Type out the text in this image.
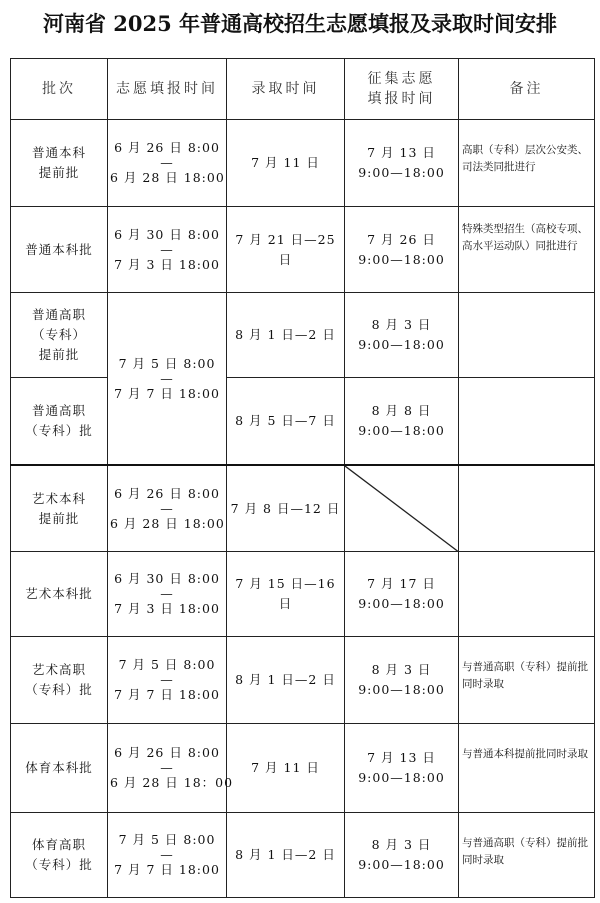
河南省 2025 年普通高校招生志愿填报及录取时间安排
批次	志愿填报时间	录取时间	征集志愿
填报时间	备注

普通本科
提前批	6 月 26 日 8:00
—
6 月 28 日 18:00	7 月 11 日	7 月 13 日
9:00—18:00	高职（专科）层次公安类、司法类同批进行

普通本科批	6 月 30 日 8:00
—
7 月 3 日 18:00	7 月 21 日—25 日	7 月 26 日
9:00—18:00	特殊类型招生（高校专项、高水平运动队）同批进行

普通高职
（专科）
提前批	7 月 5 日 8:00
—
7 月 7 日 18:00	8 月 1 日—2 日	8 月 3 日
9:00—18:00	

普通高职
（专科）批		8 月 5 日—7 日	8 月 8 日
9:00—18:00	

艺术本科
提前批	6 月 26 日 8:00
—
6 月 28 日 18:00	7 月 8 日—12 日	

艺术本科批	6 月 30 日 8:00
—
7 月 3 日 18:00	7 月 15 日—16 日	7 月 17 日
9:00—18:00	

艺术高职
（专科）批	7 月 5 日 8:00
—
7 月 7 日 18:00	8 月 1 日—2 日	8 月 3 日
9:00—18:00	与普通高职（专科）提前批同时录取

体育本科批	6 月 26 日 8:00
—
6 月 28 日 18：00	7 月 11 日	7 月 13 日
9:00—18:00	与普通本科提前批同时录取

体育高职
（专科）批	7 月 5 日 8:00
—
7 月 7 日 18:00	8 月 1 日—2 日	8 月 3 日
9:00—18:00	与普通高职（专科）提前批同时录取
